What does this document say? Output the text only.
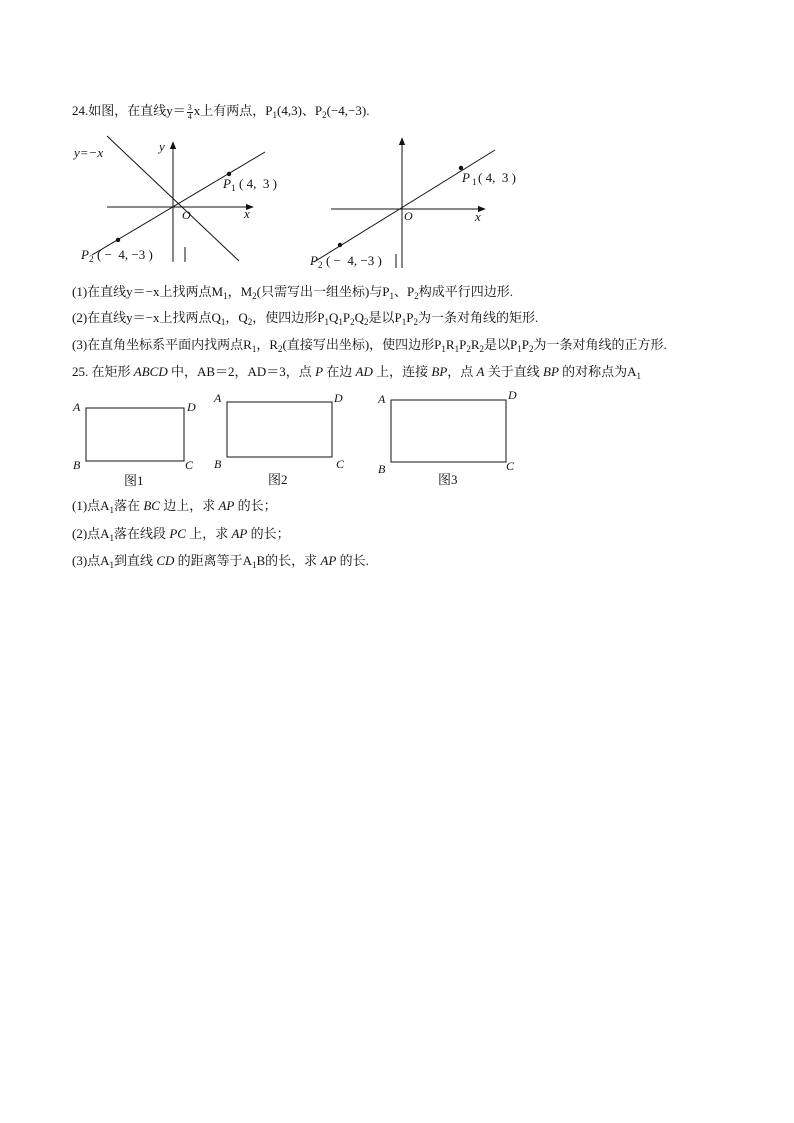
24.如图，在直线$y= \frac{3}{4}$ x上有两点，$P_1(4,3)$、$P_2(-4,-3)$.
y=−x	y
x
O
P 1 ( 4,  3 )
P 2 ( −  4, −3 )
x
O
P 1 ( 4,  3 )
P 2 ( −  4, −3 )
(1)在直线y＝−x上找两点$M_1$，$M_2$(只需写出一组坐标)与$P_1$、$P_2$构成平行四边形.
(2)在直线y＝−x上找两点$Q_1$，$Q_2$，使四边形$P_1Q_1P_2Q_2$是以$P_1P_2$为一条对角线的矩形.
(3)在直角坐标系平面内找两点$R_1$，$R_2$(直接写出坐标)，使四边形$P_1R_1P_2R_2$是以$P_1P_2$为一条对角线的正方形.
25. 在矩形 ABCD 中，AB＝2，AD＝3，点 P 在边 AD 上，连接 BP，点 A 关于直线 BP 的对称点为$A_1$
A	D
B	C
图1
A	D
B	C
图2
A	D
B	C
图3
(1)点$A_1$落在 BC 边上，求 AP 的长；
(2)点$A_1$落在线段 PC 上，求 AP 的长；
(3)点$A_1$到直线 CD 的距离等于$A_1B$的长，求 AP 的长.
